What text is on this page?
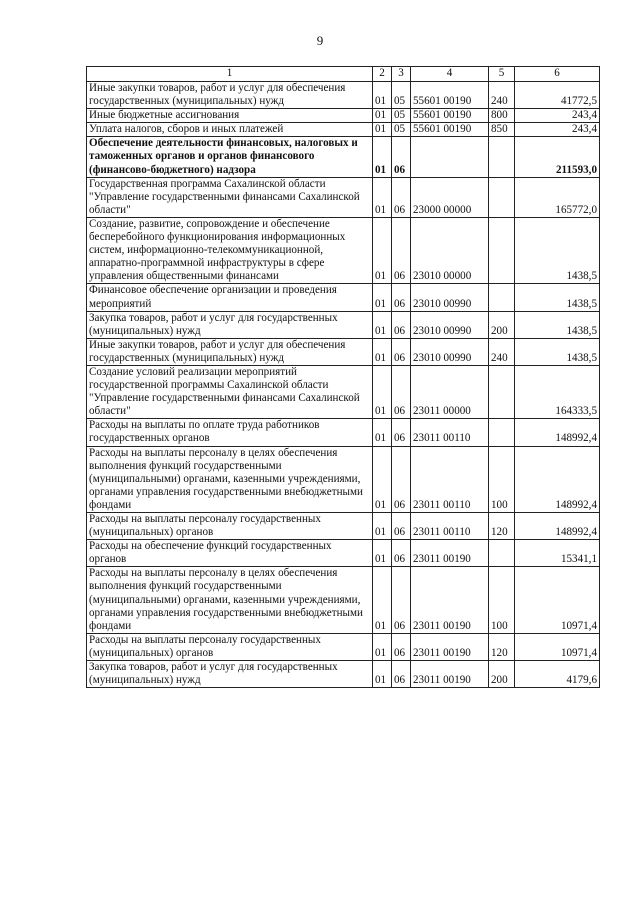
9
1	2	3	4	5	6
Иные закупки товаров, работ и услуг для обеспечения государственных (муниципальных) нужд	01	05	55601 00190	240	41772,5
Иные бюджетные ассигнования	01	05	55601 00190	800	243,4
Уплата налогов, сборов и иных платежей	01	05	55601 00190	850	243,4
Обеспечение деятельности финансовых, налоговых и таможенных органов и органов финансового (финансово-бюджетного) надзора	01	06			211593,0
Государственная программа Сахалинской области "Управление государственными финансами Сахалинской области"	01	06	23000 00000		165772,0
Создание, развитие, сопровождение и обеспечение бесперебойного функционирования информационных систем, информационно-телекоммуникационной, аппаратно-программной инфраструктуры в сфере управления общественными финансами	01	06	23010 00000		1438,5
Финансовое обеспечение организации и проведения мероприятий	01	06	23010 00990		1438,5
Закупка товаров, работ и услуг для государственных (муниципальных) нужд	01	06	23010 00990	200	1438,5
Иные закупки товаров, работ и услуг для обеспечения государственных (муниципальных) нужд	01	06	23010 00990	240	1438,5
Создание условий реализации мероприятий государственной программы Сахалинской области "Управление государственными финансами Сахалинской области"	01	06	23011 00000		164333,5
Расходы на выплаты по оплате труда работников государственных органов	01	06	23011 00110		148992,4
Расходы на выплаты персоналу в целях обеспечения выполнения функций государственными (муниципальными) органами, казенными учреждениями, органами управления государственными внебюджетными фондами	01	06	23011 00110	100	148992,4
Расходы на выплаты персоналу государственных (муниципальных) органов	01	06	23011 00110	120	148992,4
Расходы на обеспечение функций государственных органов	01	06	23011 00190		15341,1
Расходы на выплаты персоналу в целях обеспечения выполнения функций государственными (муниципальными) органами, казенными учреждениями, органами управления государственными внебюджетными фондами	01	06	23011 00190	100	10971,4
Расходы на выплаты персоналу государственных (муниципальных) органов	01	06	23011 00190	120	10971,4
Закупка товаров, работ и услуг для государственных (муниципальных) нужд	01	06	23011 00190	200	4179,6
